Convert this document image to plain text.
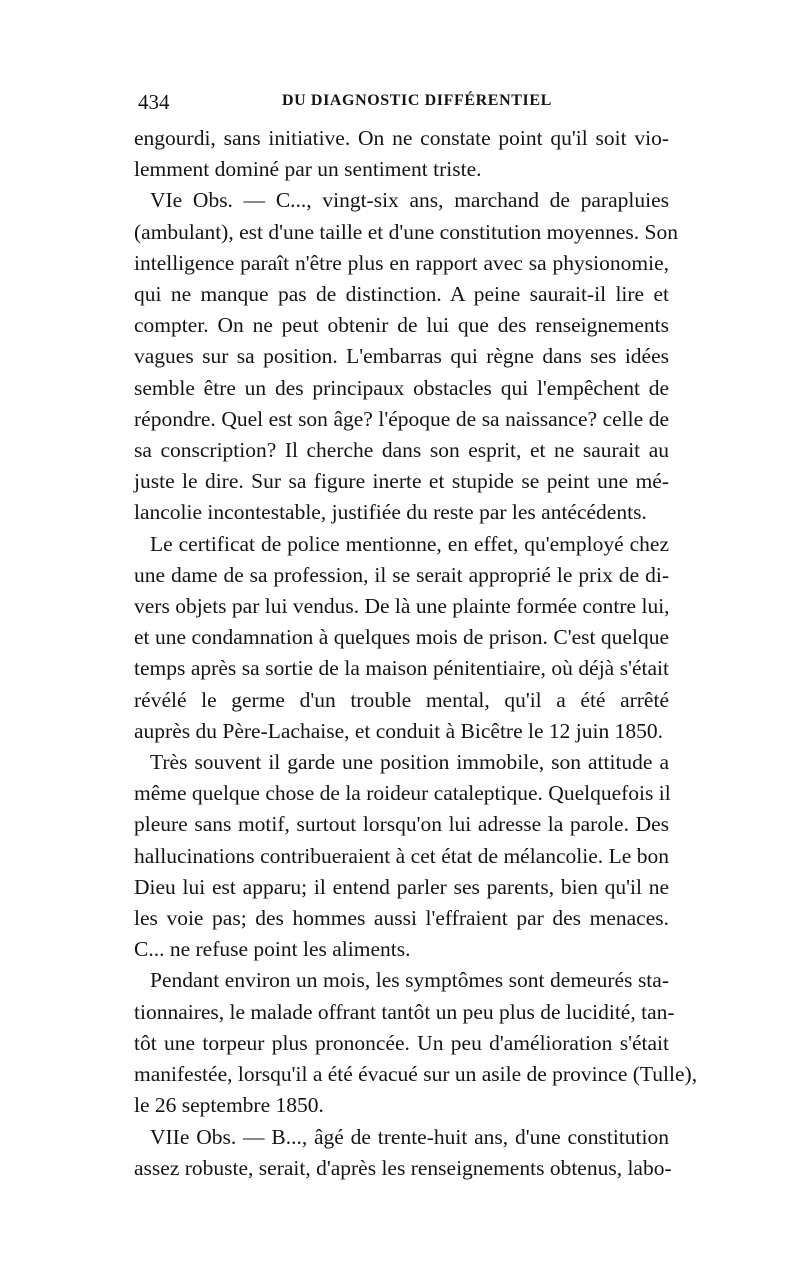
434	DU DIAGNOSTIC DIFFÉRENTIEL
engourdi, sans initiative. On ne constate point qu'il soit vio-
lemment dominé par un sentiment triste.
VIe Obs. — C..., vingt-six ans, marchand de parapluies
(ambulant), est d'une taille et d'une constitution moyennes. Son
intelligence paraît n'être plus en rapport avec sa physionomie,
qui ne manque pas de distinction. A peine saurait-il lire et
compter. On ne peut obtenir de lui que des renseignements
vagues sur sa position. L'embarras qui règne dans ses idées
semble être un des principaux obstacles qui l'empêchent de
répondre. Quel est son âge? l'époque de sa naissance? celle de
sa conscription? Il cherche dans son esprit, et ne saurait au
juste le dire. Sur sa figure inerte et stupide se peint une mé-
lancolie incontestable, justifiée du reste par les antécédents.
Le certificat de police mentionne, en effet, qu'employé chez
une dame de sa profession, il se serait approprié le prix de di-
vers objets par lui vendus. De là une plainte formée contre lui,
et une condamnation à quelques mois de prison. C'est quelque
temps après sa sortie de la maison pénitentiaire, où déjà s'était
révélé le germe d'un trouble mental, qu'il a été arrêté
auprès du Père-Lachaise, et conduit à Bicêtre le 12 juin 1850.
Très souvent il garde une position immobile, son attitude a
même quelque chose de la roideur cataleptique. Quelquefois il
pleure sans motif, surtout lorsqu'on lui adresse la parole. Des
hallucinations contribueraient à cet état de mélancolie. Le bon
Dieu lui est apparu; il entend parler ses parents, bien qu'il ne
les voie pas; des hommes aussi l'effraient par des menaces.
C... ne refuse point les aliments.
Pendant environ un mois, les symptômes sont demeurés sta-
tionnaires, le malade offrant tantôt un peu plus de lucidité, tan-
tôt une torpeur plus prononcée. Un peu d'amélioration s'était
manifestée, lorsqu'il a été évacué sur un asile de province (Tulle),
le 26 septembre 1850.
VIIe Obs. — B..., âgé de trente-huit ans, d'une constitution
assez robuste, serait, d'après les renseignements obtenus, labo-
